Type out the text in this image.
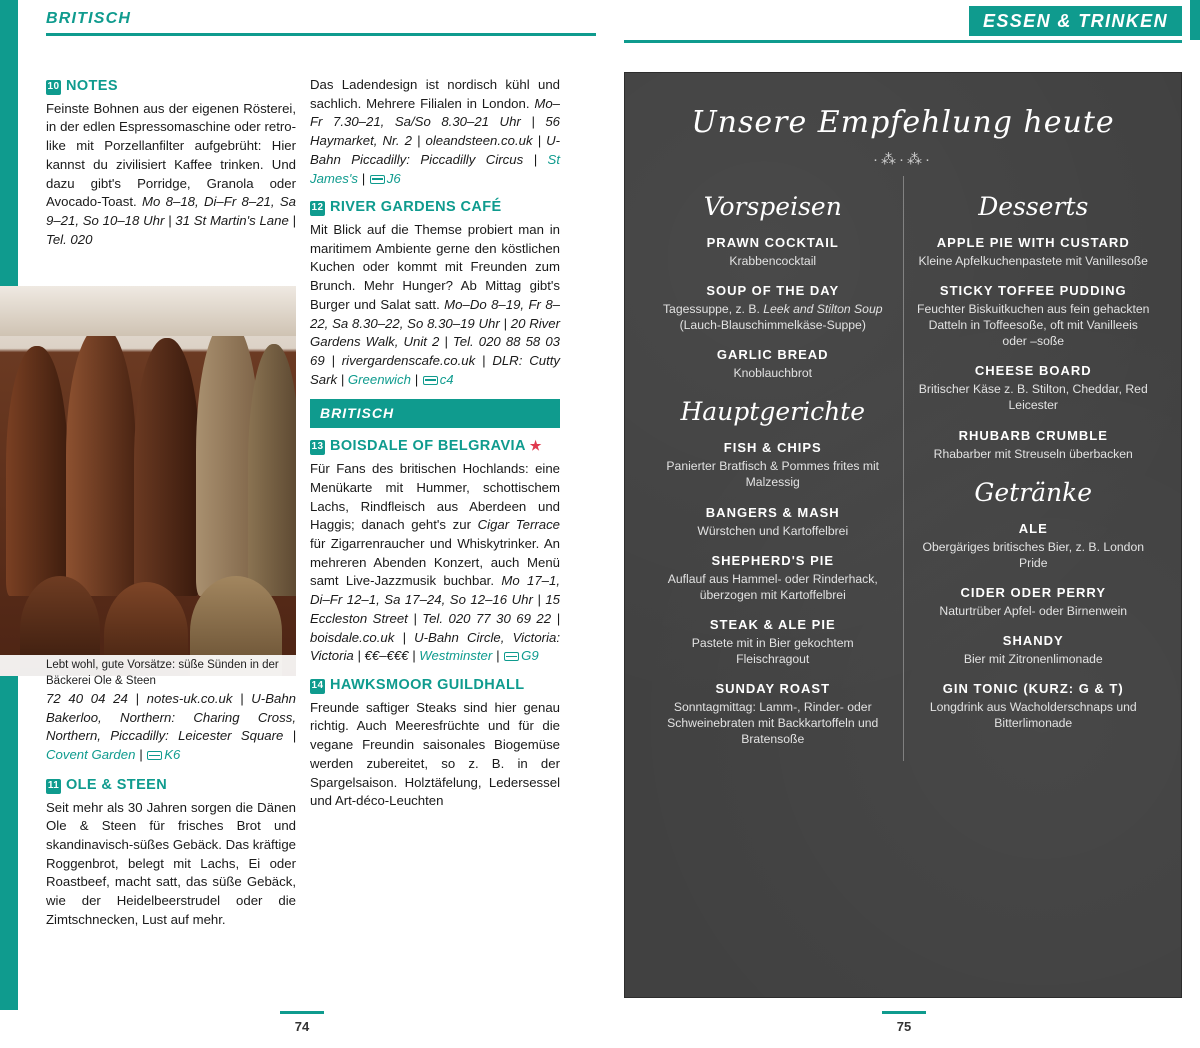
BRITISCH	ESSEN & TRINKEN
10 NOTES

Feinste Bohnen aus der eigenen Rösterei, in der edlen Espressomaschine oder retro-like mit Porzellanfilter aufgebrüht: Hier kannst du zivilisiert Kaffee trinken. Und dazu gibt's Porridge, Granola oder Avocado-Toast. Mo 8–18, Di–Fr 8–21, Sa 9–21, So 10–18 Uhr | 31 St Martin's Lane | Tel. 020

Lebt wohl, gute Vorsätze: süße Sünden in der Bäckerei Ole & Steen

72 40 04 24 | notes-uk.co.uk | U-Bahn Bakerloo, Northern: Charing Cross, Northern, Piccadilly: Leicester Square | Covent Garden | K6

11 OLE & STEEN

Seit mehr als 30 Jahren sorgen die Dänen Ole & Steen für frisches Brot und skandinavisch-süßes Gebäck. Das kräftige Roggenbrot, belegt mit Lachs, Ei oder Roastbeef, macht satt, das süße Gebäck, wie der Heidelbeerstrudel oder die Zimtschnecken, Lust auf mehr.

Das Ladendesign ist nordisch kühl und sachlich. Mehrere Filialen in London. Mo–Fr 7.30–21, Sa/So 8.30–21 Uhr | 56 Haymarket, Nr. 2 | oleandsteen.co.uk | U-Bahn Piccadilly: Piccadilly Circus | St James's | J6

12 RIVER GARDENS CAFÉ

Mit Blick auf die Themse probiert man in maritimem Ambiente gerne den köstlichen Kuchen oder kommt mit Freunden zum Brunch. Mehr Hunger? Ab Mittag gibt's Burger und Salat satt. Mo–Do 8–19, Fr 8–22, Sa 8.30–22, So 8.30–19 Uhr | 20 River Gardens Walk, Unit 2 | Tel. 020 88 58 03 69 | rivergardenscafe.co.uk | DLR: Cutty Sark | Greenwich | c4

BRITISCH
13 BOISDALE OF BELGRAVIA ★

Für Fans des britischen Hochlands: eine Menükarte mit Hummer, schottischem Lachs, Rindfleisch aus Aberdeen und Haggis; danach geht's zur Cigar Terrace für Zigarrenraucher und Whiskytrinker. An mehreren Abenden Konzert, auch Menü samt Live-Jazzmusik buchbar. Mo 17–1, Di–Fr 12–1, Sa 17–24, So 12–16 Uhr | 15 Eccleston Street | Tel. 020 77 30 69 22 | boisdale.co.uk | U-Bahn Circle, Victoria: Victoria | €€–€€€ | Westminster | G9

14 HAWKSMOOR GUILDHALL

Freunde saftiger Steaks sind hier genau richtig. Auch Meeresfrüchte und für die vegane Freundin saisonales Biogemüse werden zubereitet, so z. B. in der Spargelsaison. Holztäfelung, Ledersessel und Art-déco-Leuchten

Unsere Empfehlung heute
·⁂·⁂·
Vorspeisen
PRAWN COCKTAIL
Krabbencocktail
SOUP OF THE DAY
Tagessuppe, z. B. Leek and Stilton Soup
(Lauch-Blauschimmelkäse-Suppe)
GARLIC BREAD
Knoblauchbrot
Hauptgerichte
FISH & CHIPS
Panierter Bratfisch & Pommes frites mit Malzessig
BANGERS & MASH
Würstchen und Kartoffelbrei
SHEPHERD'S PIE
Auflauf aus Hammel- oder Rinderhack, überzogen mit Kartoffelbrei
STEAK & ALE PIE
Pastete mit in Bier gekochtem Fleischragout
SUNDAY ROAST
Sonntagmittag: Lamm-, Rinder- oder Schweinebraten mit Backkartoffeln und Bratensoße
Desserts
APPLE PIE WITH CUSTARD
Kleine Apfelkuchenpastete mit Vanillesoße
STICKY TOFFEE PUDDING
Feuchter Biskuitkuchen aus fein gehackten Datteln in Toffeesoße, oft mit Vanilleeis oder –soße
CHEESE BOARD
Britischer Käse z. B. Stilton, Cheddar, Red Leicester
RHUBARB CRUMBLE
Rhabarber mit Streuseln überbacken
Getränke
ALE
Obergäriges britisches Bier, z. B. London Pride
CIDER ODER PERRY
Naturtrüber Apfel- oder Birnenwein
SHANDY
Bier mit Zitronenlimonade
GIN TONIC (KURZ: G & T)
Longdrink aus Wacholderschnaps und Bitterlimonade
74	75
